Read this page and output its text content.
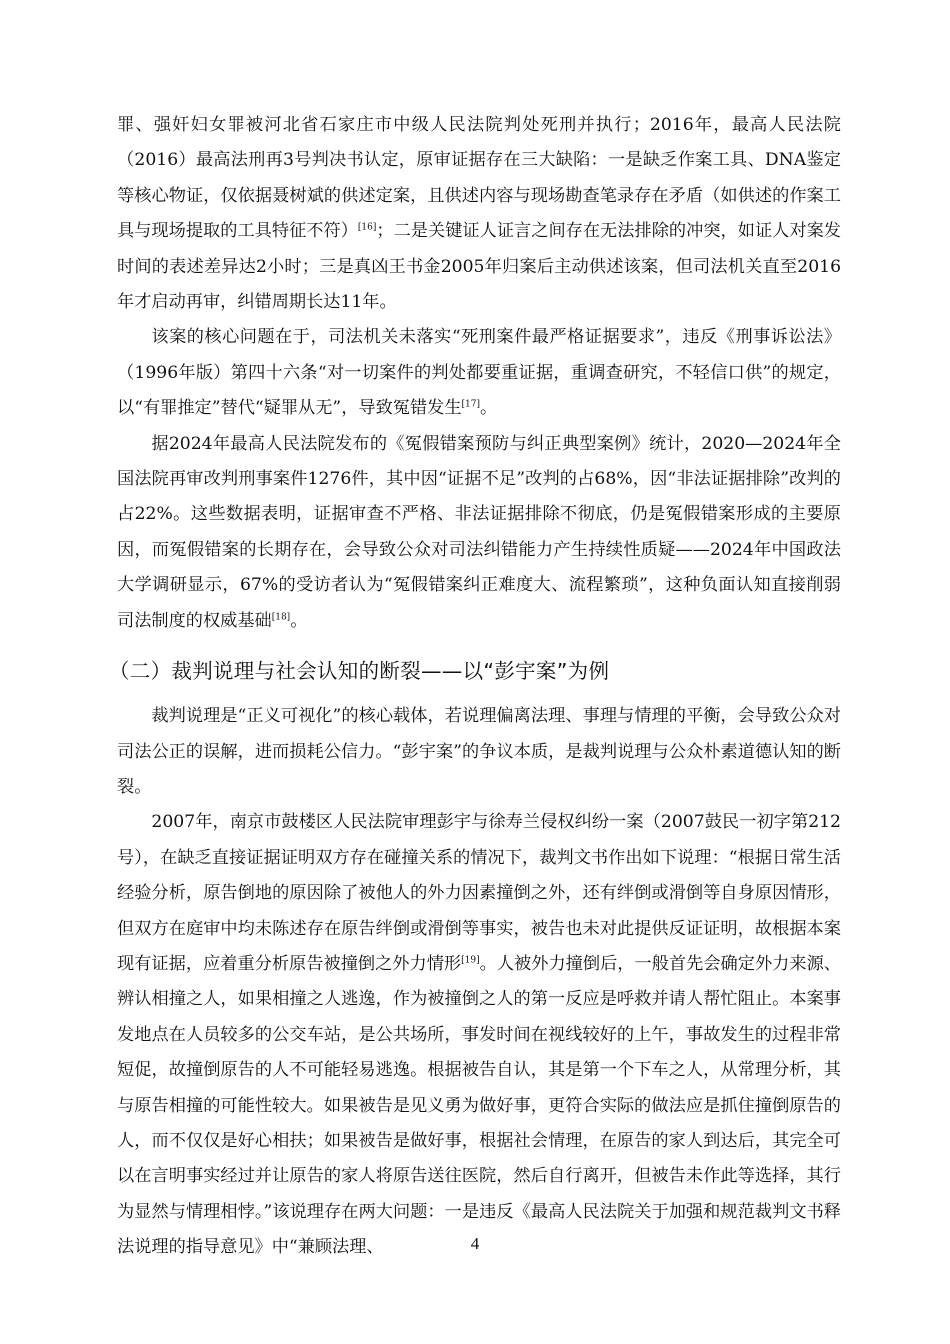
罪、强奸妇女罪被河北省石家庄市中级人民法院判处死刑并执行；2016年，最高人民法院（2016）最高法刑再3号判决书认定，原审证据存在三大缺陷：一是缺乏作案工具、DNA鉴定等核心物证，仅依据聂树斌的供述定案，且供述内容与现场勘查笔录存在矛盾（如供述的作案工具与现场提取的工具特征不符）[16]；二是关键证人证言之间存在无法排除的冲突，如证人对案发时间的表述差异达2小时；三是真凶王书金2005年归案后主动供述该案，但司法机关直至2016年才启动再审，纠错周期长达11年。

该案的核心问题在于，司法机关未落实“死刑案件最严格证据要求”，违反《刑事诉讼法》（1996年版）第四十六条“对一切案件的判处都要重证据，重调查研究，不轻信口供”的规定，以“有罪推定”替代“疑罪从无”，导致冤错发生[17]。

据2024年最高人民法院发布的《冤假错案预防与纠正典型案例》统计，2020—2024年全国法院再审改判刑事案件1276件，其中因“证据不足”改判的占68%，因“非法证据排除”改判的占22%。这些数据表明，证据审查不严格、非法证据排除不彻底，仍是冤假错案形成的主要原因，而冤假错案的长期存在，会导致公众对司法纠错能力产生持续性质疑——2024年中国政法大学调研显示，67%的受访者认为“冤假错案纠正难度大、流程繁琐”，这种负面认知直接削弱司法制度的权威基础[18]。

（二）裁判说理与社会认知的断裂——以“彭宇案”为例

裁判说理是“正义可视化”的核心载体，若说理偏离法理、事理与情理的平衡，会导致公众对司法公正的误解，进而损耗公信力。“彭宇案”的争议本质，是裁判说理与公众朴素道德认知的断裂。

2007年，南京市鼓楼区人民法院审理彭宇与徐寿兰侵权纠纷一案（2007鼓民一初字第212号），在缺乏直接证据证明双方存在碰撞关系的情况下，裁判文书作出如下说理：“根据日常生活经验分析，原告倒地的原因除了被他人的外力因素撞倒之外，还有绊倒或滑倒等自身原因情形，但双方在庭审中均未陈述存在原告绊倒或滑倒等事实，被告也未对此提供反证证明，故根据本案现有证据，应着重分析原告被撞倒之外力情形[19]。人被外力撞倒后，一般首先会确定外力来源、辨认相撞之人，如果相撞之人逃逸，作为被撞倒之人的第一反应是呼救并请人帮忙阻止。本案事发地点在人员较多的公交车站，是公共场所，事发时间在视线较好的上午，事故发生的过程非常短促，故撞倒原告的人不可能轻易逃逸。根据被告自认，其是第一个下车之人，从常理分析，其与原告相撞的可能性较大。如果被告是见义勇为做好事，更符合实际的做法应是抓住撞倒原告的人，而不仅仅是好心相扶；如果被告是做好事，根据社会情理，在原告的家人到达后，其完全可以在言明事实经过并让原告的家人将原告送往医院，然后自行离开，但被告未作此等选择，其行为显然与情理相悖。”该说理存在两大问题：一是违反《最高人民法院关于加强和规范裁判文书释法说理的指导意见》中“兼顾法理、	4
